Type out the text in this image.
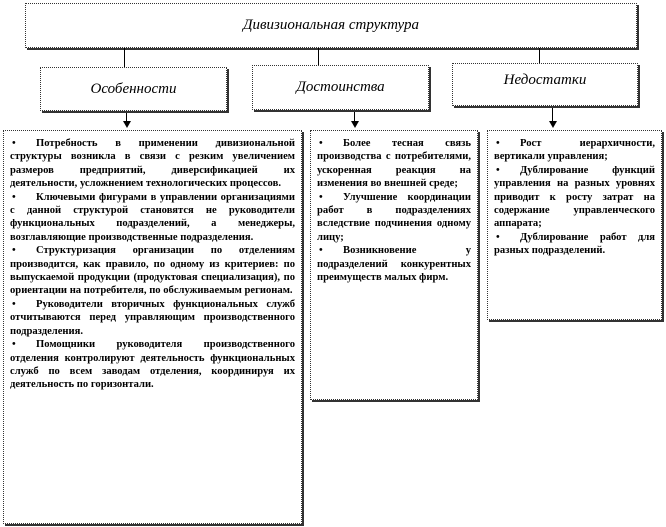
Дивизиональная структура
Особенности	Достоинства	Недостатки

• Потребность в применении дивизиональной структуры возникла в связи с резким увеличением размеров предприятий, диверсификацией их деятельности, усложнением технологических процессов.

• Ключевыми фигурами в управлении организациями с данной структурой становятся не руководители функциональных подразделений, а менеджеры, возглавляющие производственные подразделения.

• Структуризация организации по отделениям производится, как правило, по одному из критериев: по выпускаемой продукции (продуктовая специализация), по ориентации на потребителя, по обслуживаемым регионам.

• Руководители вторичных функциональных служб отчитываются перед управляющим производственного подразделения.

• Помощники руководителя производственного отделения контролируют деятельность функциональных служб по всем заводам отделения, координируя их деятельность по горизонтали.

• Более тесная связь производства с потребителями, ускоренная реакция на изменения во внешней среде;

• Улучшение координации работ в подразделениях вследствие подчинения одному лицу;

• Возникновение у подразделений конкурентных преимуществ малых фирм.

• Рост иерархичности, вертикали управления;

• Дублирование функций управления на разных уровнях приводит к росту затрат на содержание управленческого аппарата;

• Дублирование работ для разных подразделений.
